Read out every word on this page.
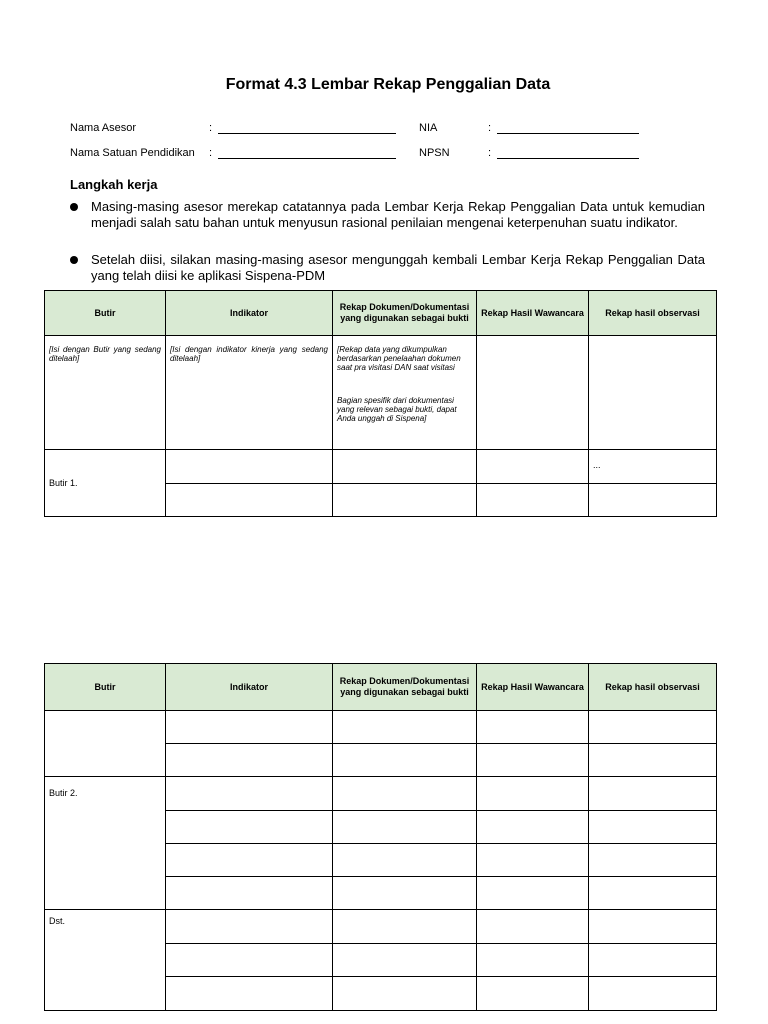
Format 4.3 Lembar Rekap Penggalian Data
Nama Asesor	:	NIA	:
Nama Satuan Pendidikan :	NPSN	:
Langkah kerja
Masing-masing asesor merekap catatannya pada Lembar Kerja Rekap Penggalian Data untuk kemudian menjadi salah satu bahan untuk menyusun rasional penilaian mengenai keterpenuhan suatu indikator.
Setelah diisi, silakan masing-masing asesor mengunggah kembali Lembar Kerja Rekap Penggalian Data yang telah diisi ke aplikasi Sispena-PDM
Butir	Indikator	Rekap Dokumen/Dokumentasi yang digunakan sebagai bukti	Rekap Hasil Wawancara	Rekap hasil observasi

[Isi dengan Butir yang sedang ditelaah]	[Isi dengan indikator kinerja yang sedang ditelaah]	[Rekap data yang dikumpulkan berdasarkan penelaahan dokumen saat pra visitasi DAN saat visitasi
Bagian spesifik dari dokumentasi yang relevan sebagai bukti, dapat Anda unggah di Sispena]		

Butir 1.				...

Butir	Indikator	Rekap Dokumen/Dokumentasi yang digunakan sebagai bukti	Rekap Hasil Wawancara	Rekap hasil observasi

Butir 2.				

Dst.				
